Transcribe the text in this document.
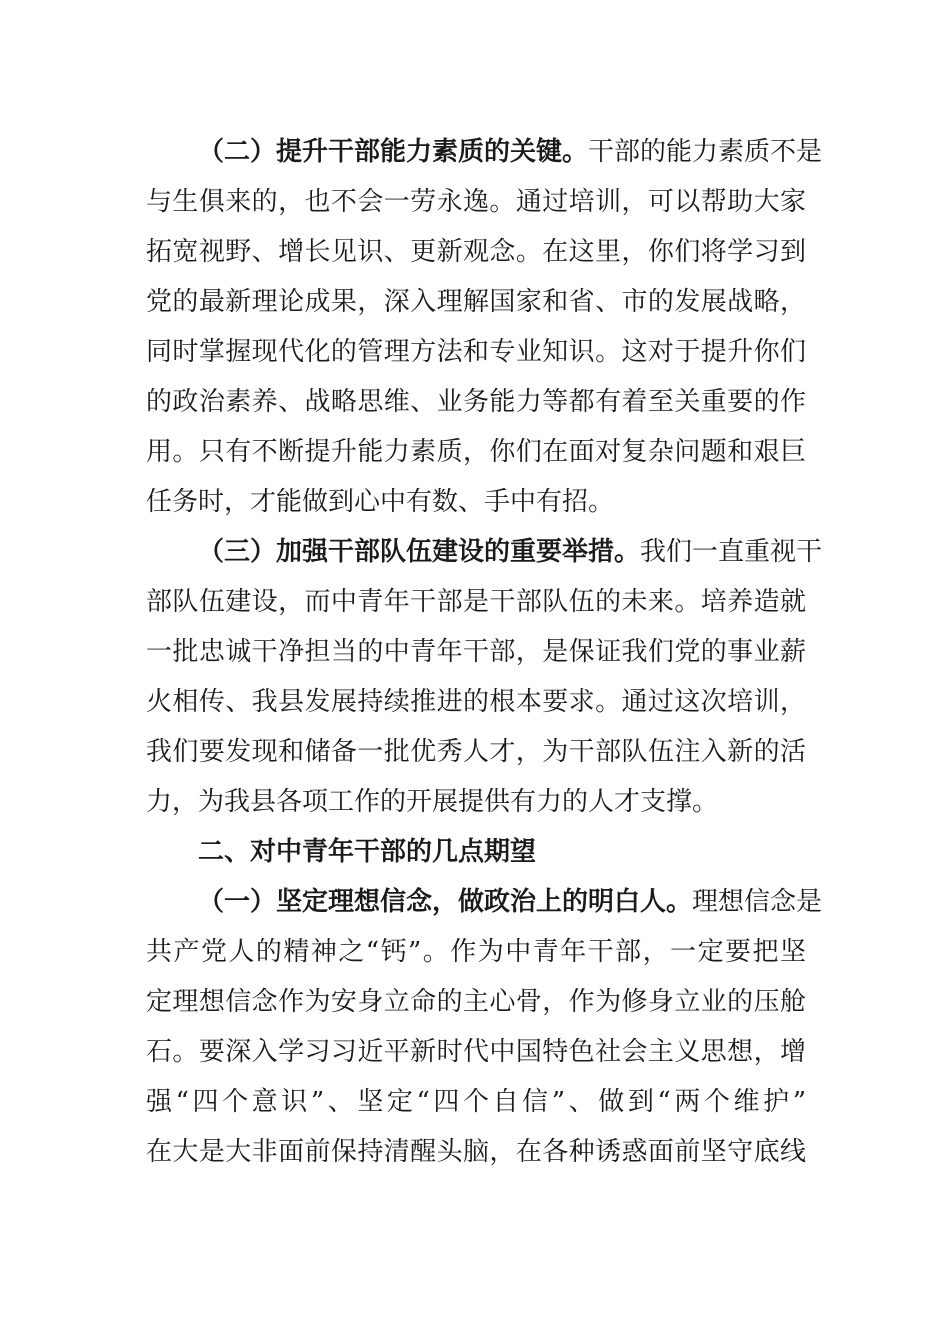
（二）提升干部能力素质的关键。干部的能力素质不是
与生俱来的，也不会一劳永逸。通过培训，可以帮助大家
拓宽视野、增长见识、更新观念。在这里，你们将学习到
党的最新理论成果，深入理解国家和省、市的发展战略，
同时掌握现代化的管理方法和专业知识。这对于提升你们
的政治素养、战略思维、业务能力等都有着至关重要的作
用。只有不断提升能力素质，你们在面对复杂问题和艰巨
任务时，才能做到心中有数、手中有招。
（三）加强干部队伍建设的重要举措。我们一直重视干
部队伍建设，而中青年干部是干部队伍的未来。培养造就
一批忠诚干净担当的中青年干部，是保证我们党的事业薪
火相传、我县发展持续推进的根本要求。通过这次培训，
我们要发现和储备一批优秀人才，为干部队伍注入新的活
力，为我县各项工作的开展提供有力的人才支撑。
二、对中青年干部的几点期望
（一）坚定理想信念，做政治上的明白人。理想信念是
共产党人的精神之“钙”。作为中青年干部，一定要把坚
定理想信念作为安身立命的主心骨，作为修身立业的压舱
石。要深入学习习近平新时代中国特色社会主义思想，增
强“四个意识”、坚定“四个自信”、做到“两个维护”
在大是大非面前保持清醒头脑，在各种诱惑面前坚守底线
